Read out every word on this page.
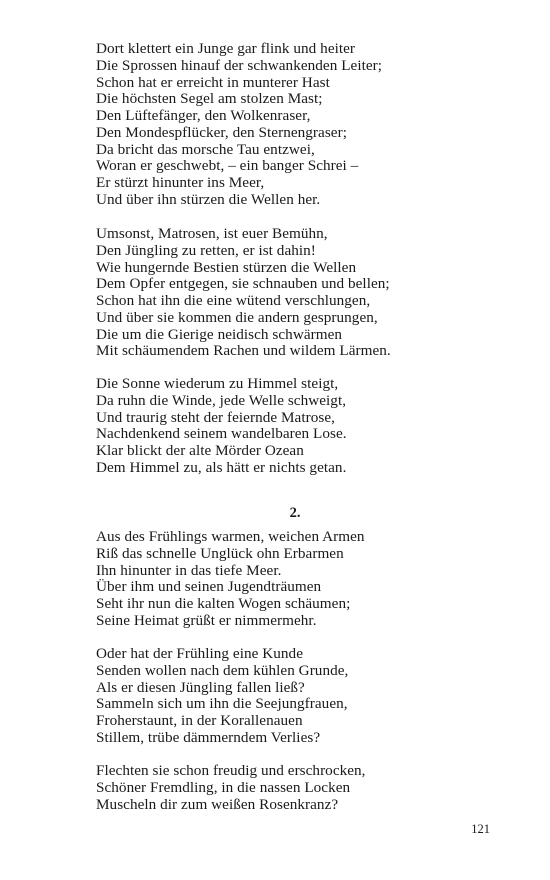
Dort klettert ein Junge gar flink und heiter
Die Sprossen hinauf der schwankenden Leiter;
Schon hat er erreicht in munterer Hast
Die höchsten Segel am stolzen Mast;
Den Lüftefänger, den Wolkenraser,
Den Mondespflücker, den Sternengraser;
Da bricht das morsche Tau entzwei,
Woran er geschwebt, – ein banger Schrei –
Er stürzt hinunter ins Meer,
Und über ihn stürzen die Wellen her.
Umsonst, Matrosen, ist euer Bemühn,
Den Jüngling zu retten, er ist dahin!
Wie hungernde Bestien stürzen die Wellen
Dem Opfer entgegen, sie schnauben und bellen;
Schon hat ihn die eine wütend verschlungen,
Und über sie kommen die andern gesprungen,
Die um die Gierige neidisch schwärmen
Mit schäumendem Rachen und wildem Lärmen.
Die Sonne wiederum zu Himmel steigt,
Da ruhn die Winde, jede Welle schweigt,
Und traurig steht der feiernde Matrose,
Nachdenkend seinem wandelbaren Lose.
Klar blickt der alte Mörder Ozean
Dem Himmel zu, als hätt er nichts getan.
2.
Aus des Frühlings warmen, weichen Armen
Riß das schnelle Unglück ohn Erbarmen
Ihn hinunter in das tiefe Meer.
Über ihm und seinen Jugendträumen
Seht ihr nun die kalten Wogen schäumen;
Seine Heimat grüßt er nimmermehr.
Oder hat der Frühling eine Kunde
Senden wollen nach dem kühlen Grunde,
Als er diesen Jüngling fallen ließ?
Sammeln sich um ihn die Seejungfrauen,
Froherstaunt, in der Korallenauen
Stillem, trübe dämmerndem Verlies?
Flechten sie schon freudig und erschrocken,
Schöner Fremdling, in die nassen Locken
Muscheln dir zum weißen Rosenkranz?
121
